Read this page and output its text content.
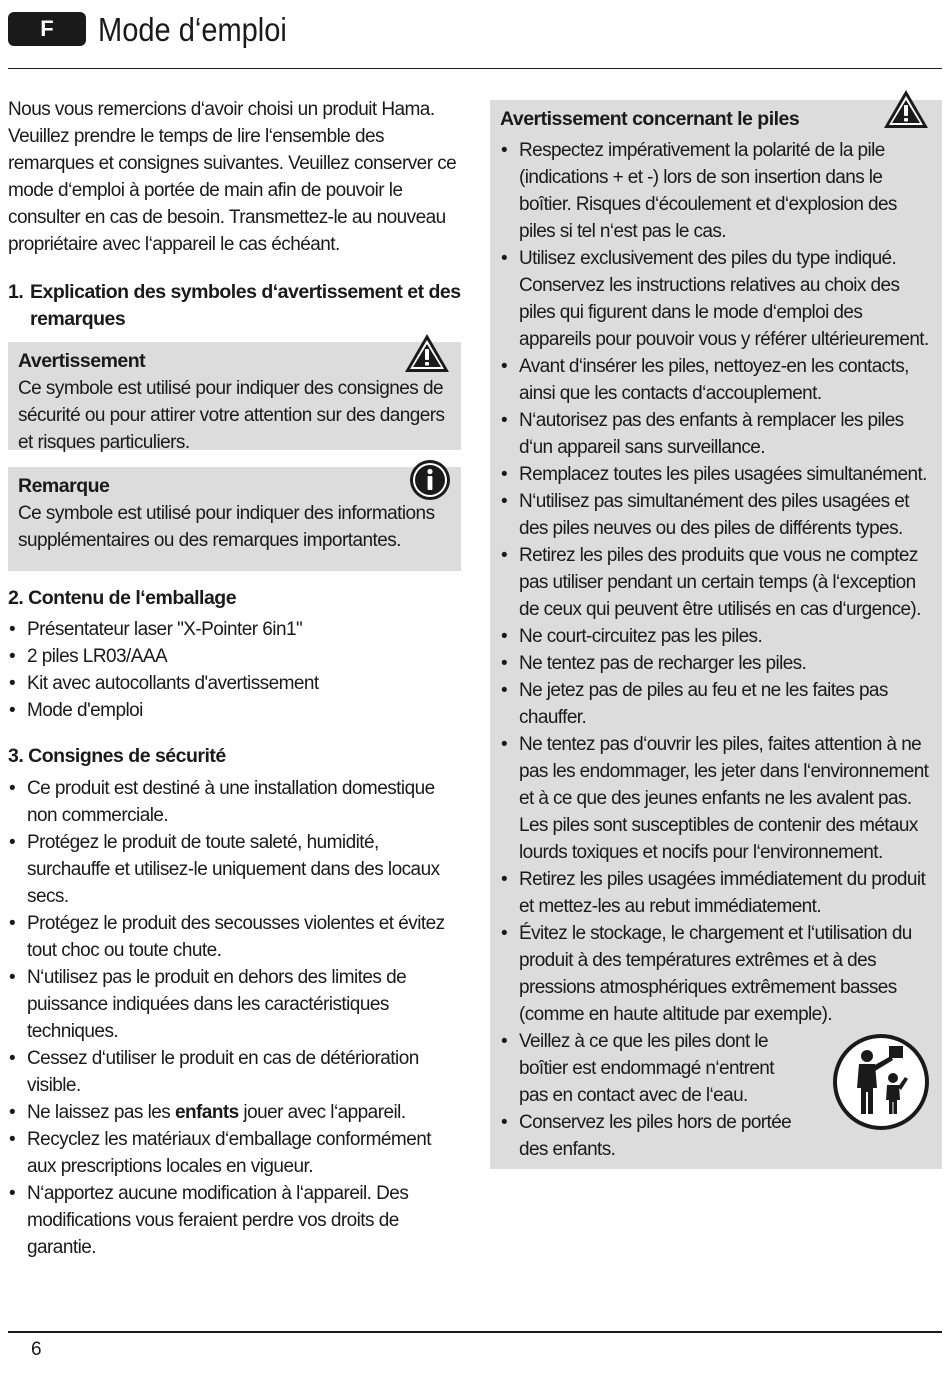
F	Mode d‘emploi

Nous vous remercions d‘avoir choisi un produit Hama. Veuillez prendre le temps de lire l‘ensemble des remarques et consignes suivantes. Veuillez conserver ce mode d‘emploi à portée de main afin de pouvoir le consulter en cas de besoin. Transmettez-le au nouveau propriétaire avec l‘appareil le cas échéant.

1. Explication des symboles d‘avertissement et des remarques
Avertissement
Ce symbole est utilisé pour indiquer des consignes de sécurité ou pour attirer votre attention sur des dangers et risques particuliers.
Remarque
Ce symbole est utilisé pour indiquer des informations supplémentaires ou des remarques importantes.
2. Contenu de l‘emballage
• Présentateur laser "X-Pointer 6in1"
• 2 piles LR03/AAA
• Kit avec autocollants d'avertissement
• Mode d'emploi
3. Consignes de sécurité
• Ce produit est destiné à une installation domestique non commerciale.
• Protégez le produit de toute saleté, humidité, surchauffe et utilisez-le uniquement dans des locaux secs.
• Protégez le produit des secousses violentes et évitez tout choc ou toute chute.
• N‘utilisez pas le produit en dehors des limites de puissance indiquées dans les caractéristiques techniques.
• Cessez d‘utiliser le produit en cas de détérioration visible.
• Ne laissez pas les enfants jouer avec l‘appareil.
• Recyclez les matériaux d‘emballage conformément aux prescriptions locales en vigueur.
• N‘apportez aucune modification à l‘appareil. Des modifications vous feraient perdre vos droits de garantie.
Avertissement concernant le piles
• Respectez impérativement la polarité de la pile (indications + et -) lors de son insertion dans le boîtier. Risques d‘écoulement et d‘explosion des piles si tel n‘est pas le cas.
• Utilisez exclusivement des piles du type indiqué. Conservez les instructions relatives au choix des piles qui figurent dans le mode d‘emploi des appareils pour pouvoir vous y référer ultérieurement.
• Avant d‘insérer les piles, nettoyez-en les contacts, ainsi que les contacts d‘accouplement.
• N‘autorisez pas des enfants à remplacer les piles d‘un appareil sans surveillance.
• Remplacez toutes les piles usagées simultanément.
• N‘utilisez pas simultanément des piles usagées et des piles neuves ou des piles de différents types.
• Retirez les piles des produits que vous ne comptez pas utiliser pendant un certain temps (à l‘exception de ceux qui peuvent être utilisés en cas d‘urgence).
• Ne court-circuitez pas les piles.
• Ne tentez pas de recharger les piles.
• Ne jetez pas de piles au feu et ne les faites pas chauffer.
• Ne tentez pas d‘ouvrir les piles, faites attention à ne pas les endommager, les jeter dans l‘environnement et à ce que des jeunes enfants ne les avalent pas. Les piles sont susceptibles de contenir des métaux lourds toxiques et nocifs pour l‘environnement.
• Retirez les piles usagées immédiatement du produit et mettez-les au rebut immédiatement.
• Évitez le stockage, le chargement et l‘utilisation du produit à des températures extrêmes et à des pressions atmosphériques extrêmement basses (comme en haute altitude par exemple).
• Veillez à ce que les piles dont le boîtier est endommagé n‘entrent pas en contact avec de l‘eau.
• Conservez les piles hors de portée des enfants.
6
